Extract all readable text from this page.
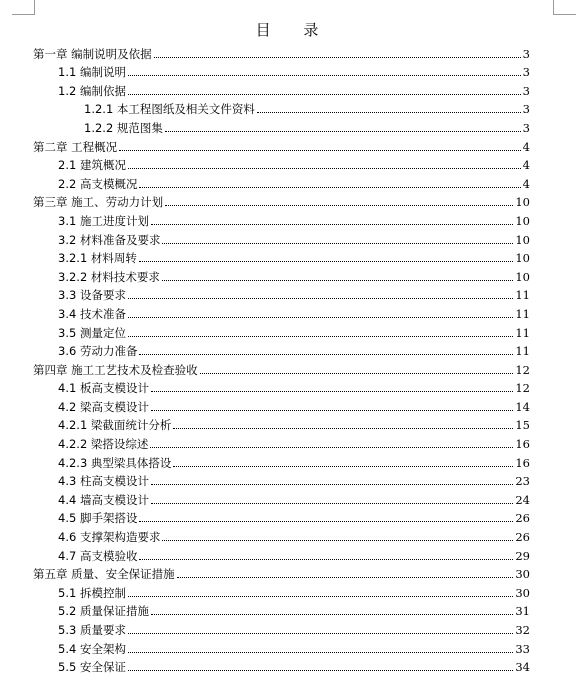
目 录
第一章 编制说明及依据	3
1.1 编制说明	3
1.2 编制依据	3
1.2.1 本工程图纸及相关文件资料	3
1.2.2 规范图集	3
第二章 工程概况	4
2.1 建筑概况	4
2.2 高支模概况	4
第三章 施工、劳动力计划	10
3.1 施工进度计划	10
3.2 材料准备及要求	10
3.2.1 材料周转	10
3.2.2 材料技术要求	10
3.3 设备要求	11
3.4 技术准备	11
3.5 测量定位	11
3.6 劳动力准备	11
第四章 施工工艺技术及检查验收	12
4.1 板高支模设计	12
4.2 梁高支模设计	14
4.2.1 梁截面统计分析	15
4.2.2 梁搭设综述	16
4.2.3 典型梁具体搭设	16
4.3 柱高支模设计	23
4.4 墙高支模设计	24
4.5 脚手架搭设	26
4.6 支撑架构造要求	26
4.7 高支模验收	29
第五章 质量、安全保证措施	30
5.1 拆模控制	30
5.2 质量保证措施	31
5.3 质量要求	32
5.4 安全架构	33
5.5 安全保证	34
